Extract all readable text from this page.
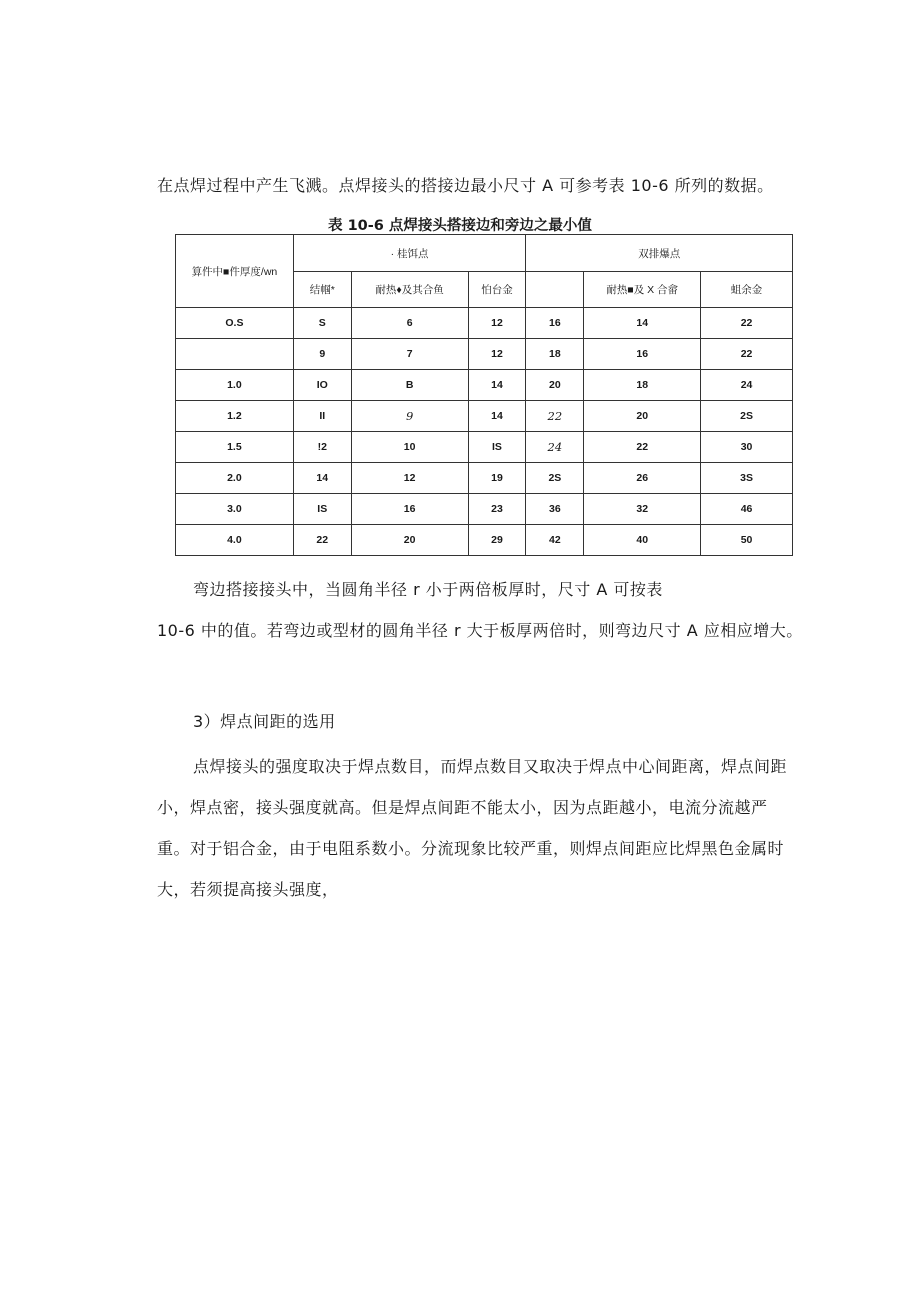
在点焊过程中产生飞溅。点焊接头的搭接边最小尺寸 A 可参考表 10-6 所列的数据。
表 10-6 点焊接头搭接边和旁边之最小值
算件中■件厚度/wn	· 桂饵点			双排爆点		
	结帼*	耐热♦及其合鱼	怕台金		耐热■及 X 合畲	蛆余金
O.S	S	6	12	16	14	22
	9	7	12	18	16	22
1.0	IO	B	14	20	18	24
1.2	II	9	14	22	20	2S
1.5	!2	10	IS	24	22	30
2.0	14	12	19	2S	26	3S
3.0	IS	16	23	36	32	46
4.0	22	20	29	42	40	50
弯边搭接接头中，当圆角半径 r 小于两倍板厚时，尺寸 A 可按表
10-6 中的值。若弯边或型材的圆角半径 r 大于板厚两倍时，则弯边尺寸 A 应相应增大。
3）焊点间距的选用
点焊接头的强度取决于焊点数目，而焊点数目又取决于焊点中心间距离，焊点间距
小，焊点密，接头强度就高。但是焊点间距不能太小，因为点距越小，电流分流越严
重。对于铝合金，由于电阻系数小。分流现象比较严重，则焊点间距应比焊黑色金属时
大，若须提高接头强度，
